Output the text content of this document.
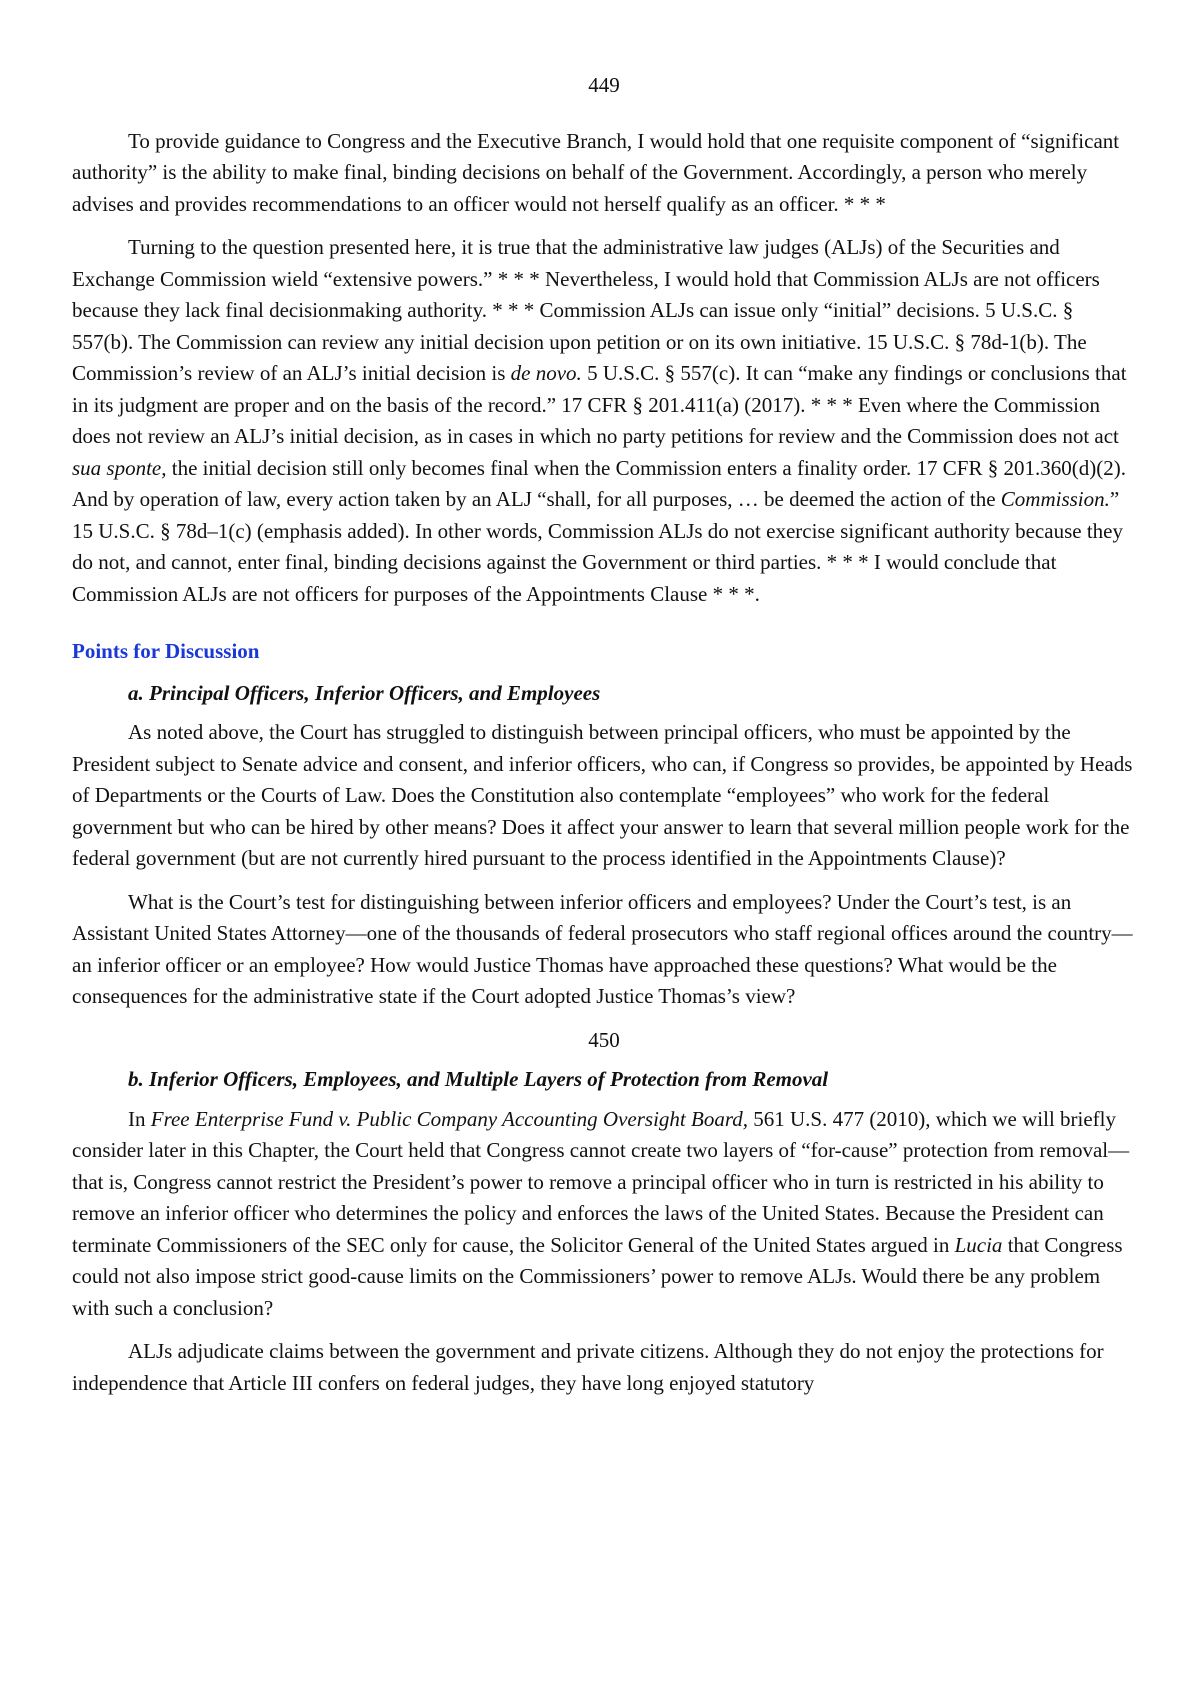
449

To provide guidance to Congress and the Executive Branch, I would hold that one requisite component of “significant authority” is the ability to make final, binding decisions on behalf of the Government. Accordingly, a person who merely advises and provides recommendations to an officer would not herself qualify as an officer. * * *

Turning to the question presented here, it is true that the administrative law judges (ALJs) of the Securities and Exchange Commission wield “extensive powers.” * * * Nevertheless, I would hold that Commission ALJs are not officers because they lack final decisionmaking authority. * * * Commission ALJs can issue only “initial” decisions. 5 U.S.C. § 557(b). The Commission can review any initial decision upon petition or on its own initiative. 15 U.S.C. § 78d-1(b). The Commission’s review of an ALJ’s initial decision is de novo. 5 U.S.C. § 557(c). It can “make any findings or conclusions that in its judgment are proper and on the basis of the record.” 17 CFR § 201.411(a) (2017). * * * Even where the Commission does not review an ALJ’s initial decision, as in cases in which no party petitions for review and the Commission does not act sua sponte, the initial decision still only becomes final when the Commission enters a finality order. 17 CFR § 201.360(d)(2). And by operation of law, every action taken by an ALJ “shall, for all purposes, … be deemed the action of the Commission.” 15 U.S.C. § 78d–1(c) (emphasis added). In other words, Commission ALJs do not exercise significant authority because they do not, and cannot, enter final, binding decisions against the Government or third parties. * * * I would conclude that Commission ALJs are not officers for purposes of the Appointments Clause * * *.

Points for Discussion
a. Principal Officers, Inferior Officers, and Employees

As noted above, the Court has struggled to distinguish between principal officers, who must be appointed by the President subject to Senate advice and consent, and inferior officers, who can, if Congress so provides, be appointed by Heads of Departments or the Courts of Law. Does the Constitution also contemplate “employees” who work for the federal government but who can be hired by other means? Does it affect your answer to learn that several million people work for the federal government (but are not currently hired pursuant to the process identified in the Appointments Clause)?

What is the Court’s test for distinguishing between inferior officers and employees? Under the Court’s test, is an Assistant United States Attorney—one of the thousands of federal prosecutors who staff regional offices around the country—an inferior officer or an employee? How would Justice Thomas have approached these questions? What would be the consequences for the administrative state if the Court adopted Justice Thomas’s view?

450

b. Inferior Officers, Employees, and Multiple Layers of Protection from Removal

In Free Enterprise Fund v. Public Company Accounting Oversight Board, 561 U.S. 477 (2010), which we will briefly consider later in this Chapter, the Court held that Congress cannot create two layers of “for-cause” protection from removal—that is, Congress cannot restrict the President’s power to remove a principal officer who in turn is restricted in his ability to remove an inferior officer who determines the policy and enforces the laws of the United States. Because the President can terminate Commissioners of the SEC only for cause, the Solicitor General of the United States argued in Lucia that Congress could not also impose strict good-cause limits on the Commissioners’ power to remove ALJs. Would there be any problem with such a conclusion?

ALJs adjudicate claims between the government and private citizens. Although they do not enjoy the protections for independence that Article III confers on federal judges, they have long enjoyed statutory
